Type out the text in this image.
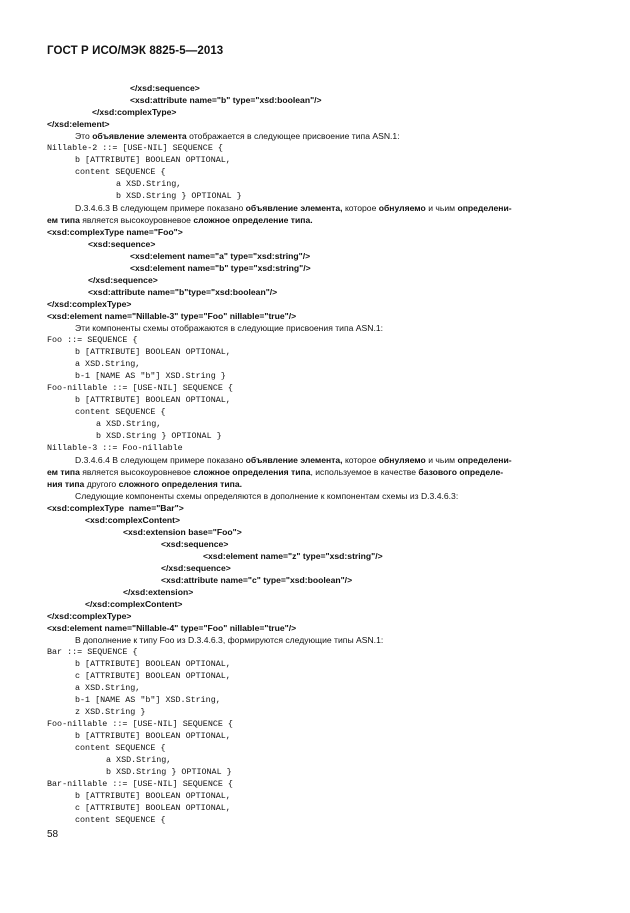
ГОСТ Р ИСО/МЭК 8825-5—2013
</xsd:sequence>
<xsd:attribute name="b" type="xsd:boolean"/>
</xsd:complexType>
</xsd:element>
Это объявление элемента отображается в следующее присвоение типа ASN.1:
Nillable-2 ::= [USE-NIL] SEQUENCE {
b [ATTRIBUTE] BOOLEAN OPTIONAL,
content SEQUENCE {
a XSD.String,
b XSD.String } OPTIONAL }
D.3.4.6.3 В следующем примере показано объявление элемента, которое обнуляемо и чьим определени-
ем типа является высокоуровневое сложное определение типа.
<xsd:complexType name="Foo">
<xsd:sequence>
<xsd:element name="a" type="xsd:string"/>
<xsd:element name="b" type="xsd:string"/>
</xsd:sequence>
<xsd:attribute name="b"type="xsd:boolean"/>
</xsd:complexType>
<xsd:element name="Nillable-3" type="Foo" nillable="true"/>
Эти компоненты схемы отображаются в следующие присвоения типа ASN.1:
Foo ::= SEQUENCE {
b [ATTRIBUTE] BOOLEAN OPTIONAL,
a XSD.String,
b-1 [NAME AS "b"] XSD.String }
Foo-nillable ::= [USE-NIL] SEQUENCE {
b [ATTRIBUTE] BOOLEAN OPTIONAL,
content SEQUENCE {
a XSD.String,
b XSD.String } OPTIONAL }
Nillable-3 ::= Foo-nillable
D.3.4.6.4 В следующем примере показано объявление элемента, которое обнуляемо и чьим определени-
ем типа является высокоуровневое сложное определения типа, используемое в качестве базового определе-
ния типа другого сложного определения типа.
Следующие компоненты схемы определяются в дополнение к компонентам схемы из D.3.4.6.3:
<xsd:complexType  name="Bar">
<xsd:complexContent>
<xsd:extension base="Foo">
<xsd:sequence>
<xsd:element name="z" type="xsd:string"/>
</xsd:sequence>
<xsd:attribute name="c" type="xsd:boolean"/>
</xsd:extension>
</xsd:complexContent>
</xsd:complexType>
<xsd:element name="Nillable-4" type="Foo" nillable="true"/>
В дополнение к типу Foo из D.3.4.6.3, формируются следующие типы ASN.1:
Bar ::= SEQUENCE {
b [ATTRIBUTE] BOOLEAN OPTIONAL,
c [ATTRIBUTE] BOOLEAN OPTIONAL,
a XSD.String,
b-1 [NAME AS "b"] XSD.String,
z XSD.String }
Foo-nillable ::= [USE-NIL] SEQUENCE {
b [ATTRIBUTE] BOOLEAN OPTIONAL,
content SEQUENCE {
a XSD.String,
b XSD.String } OPTIONAL }
Bar-nillable ::= [USE-NIL] SEQUENCE {
b [ATTRIBUTE] BOOLEAN OPTIONAL,
c [ATTRIBUTE] BOOLEAN OPTIONAL,
content SEQUENCE {
58
